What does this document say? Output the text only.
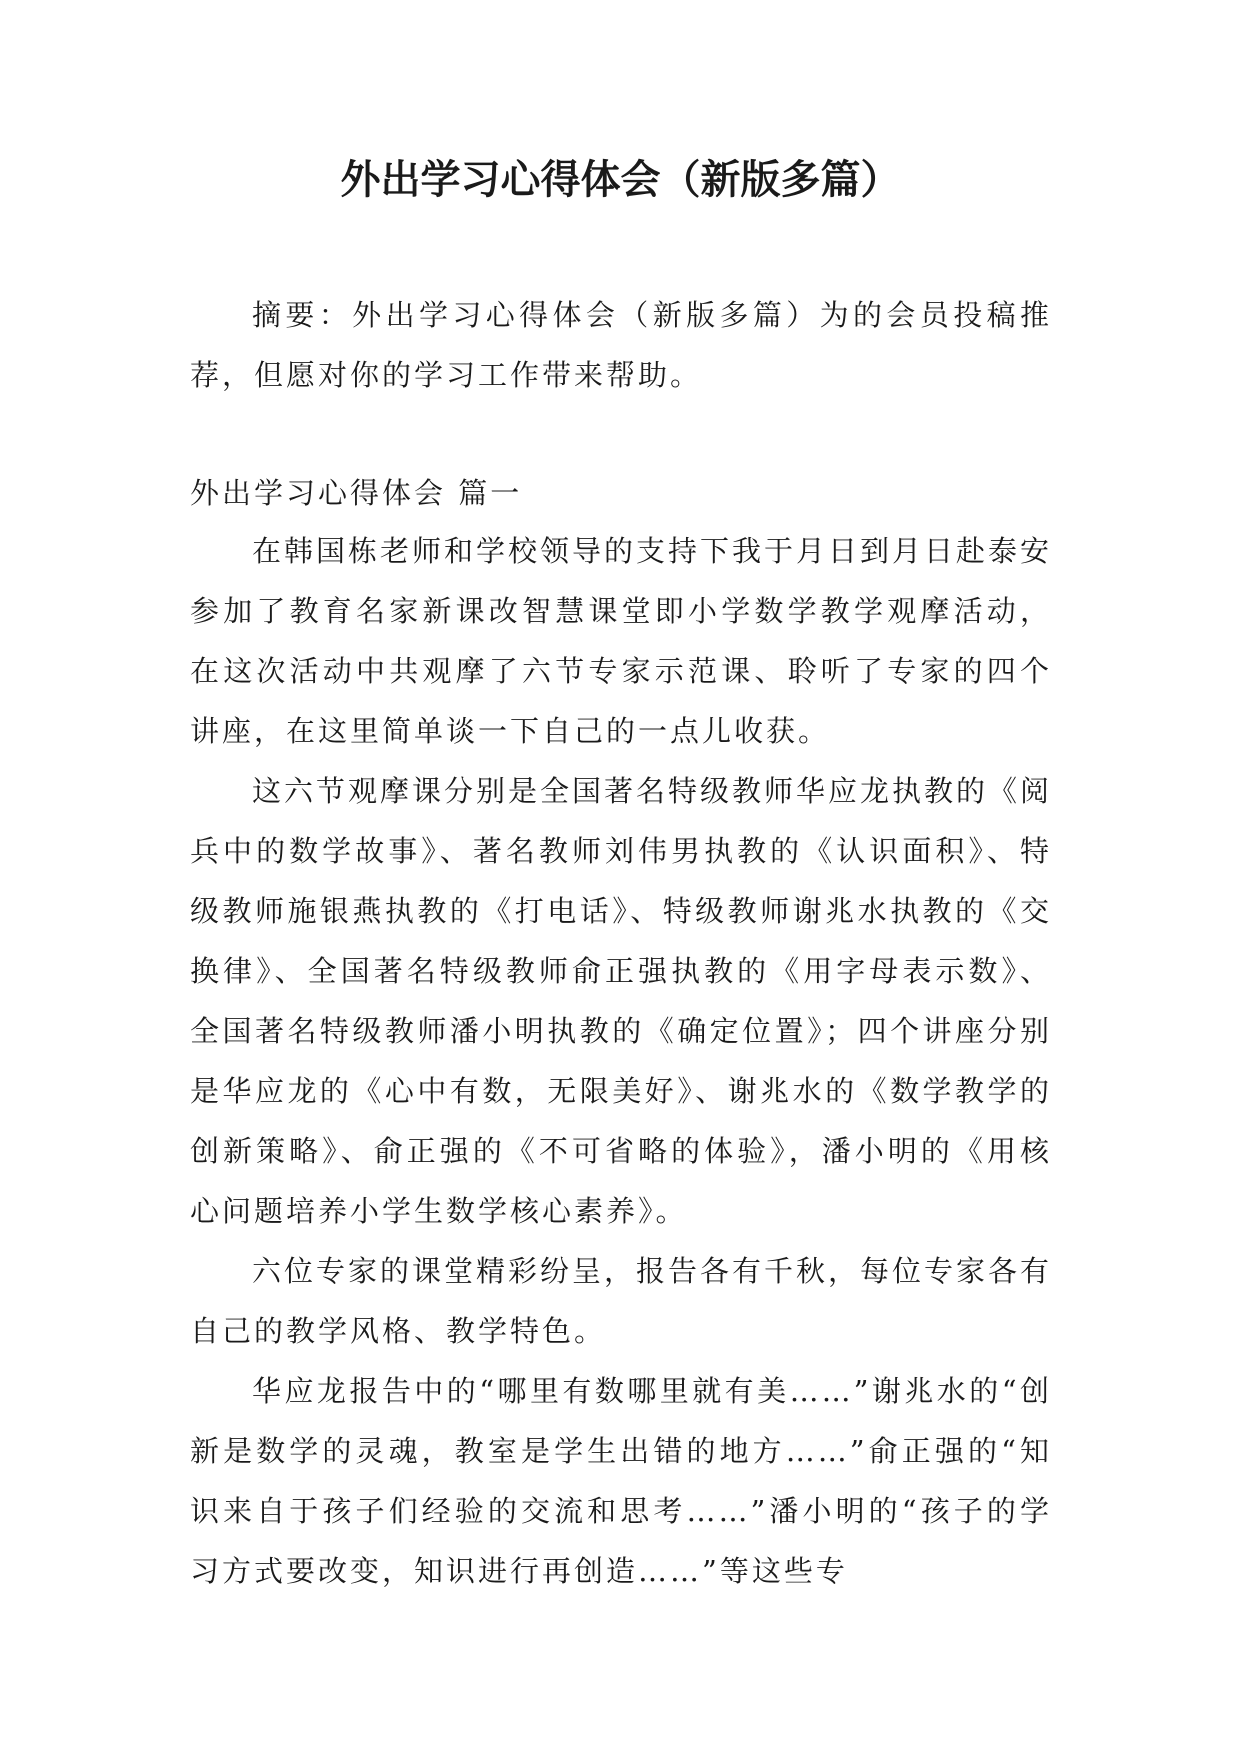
外出学习心得体会（新版多篇）

摘要：外出学习心得体会（新版多篇）为的会员投稿推荐，但愿对你的学习工作带来帮助。

外出学习心得体会 篇一

在韩国栋老师和学校领导的支持下我于月日到月日赴泰安参加了教育名家新课改智慧课堂即小学数学教学观摩活动，在这次活动中共观摩了六节专家示范课、聆听了专家的四个讲座，在这里简单谈一下自己的一点儿收获。

这六节观摩课分别是全国著名特级教师华应龙执教的《阅兵中的数学故事》、著名教师刘伟男执教的《认识面积》、特级教师施银燕执教的《打电话》、特级教师谢兆水执教的《交换律》、全国著名特级教师俞正强执教的《用字母表示数》、全国著名特级教师潘小明执教的《确定位置》；四个讲座分别是华应龙的《心中有数，无限美好》、谢兆水的《数学教学的创新策略》、俞正强的《不可省略的体验》，潘小明的《用核心问题培养小学生数学核心素养》。

六位专家的课堂精彩纷呈，报告各有千秋，每位专家各有自己的教学风格、教学特色。

华应龙报告中的“哪里有数哪里就有美……”谢兆水的“创新是数学的灵魂，教室是学生出错的地方……”俞正强的“知识来自于孩子们经验的交流和思考……”潘小明的“孩子的学习方式要改变，知识进行再创造……”等这些专
